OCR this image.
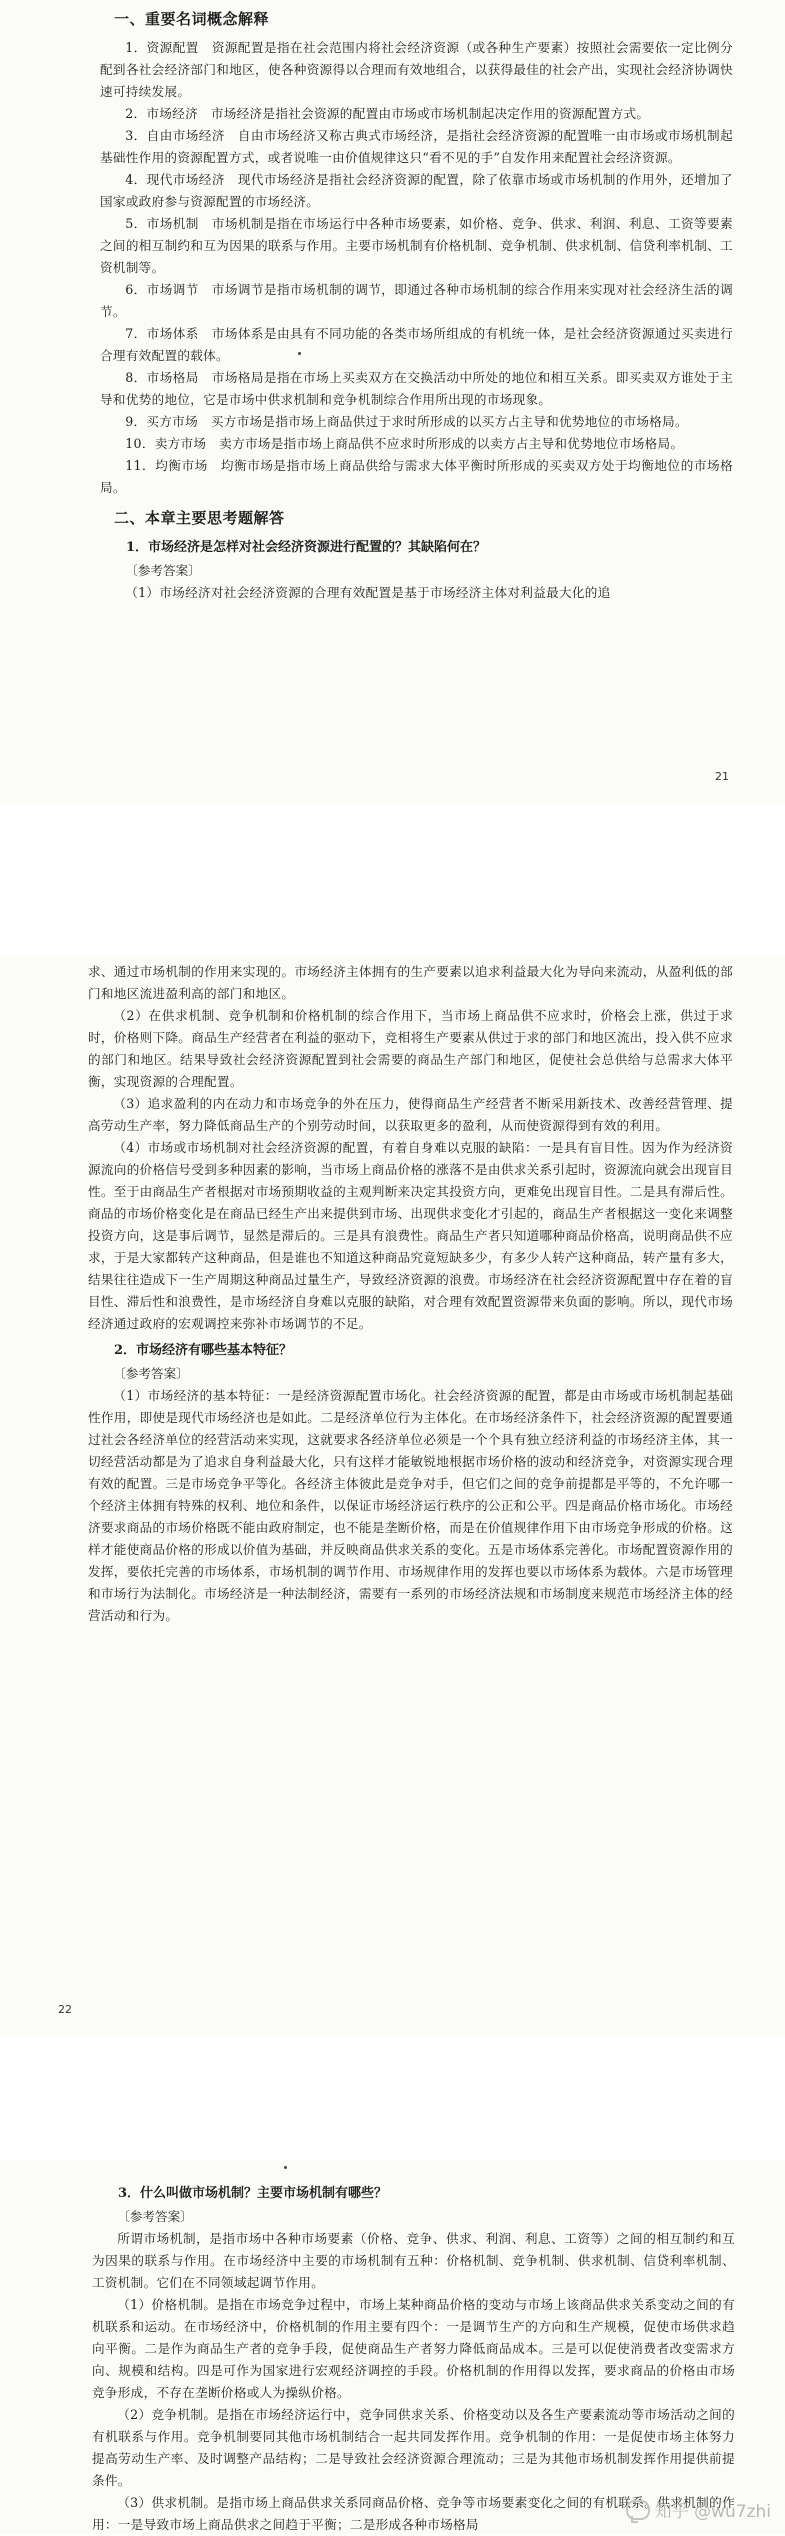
一、重要名词概念解释

1．资源配置　资源配置是指在社会范围内将社会经济资源（或各种生产要素）按照社会需要依一定比例分配到各社会经济部门和地区，使各种资源得以合理而有效地组合，以获得最佳的社会产出，实现社会经济协调快速可持续发展。

2．市场经济　市场经济是指社会资源的配置由市场或市场机制起决定作用的资源配置方式。

3．自由市场经济　自由市场经济又称古典式市场经济，是指社会经济资源的配置唯一由市场或市场机制起基础性作用的资源配置方式，或者说唯一由价值规律这只“看不见的手”自发作用来配置社会经济资源。

4．现代市场经济　现代市场经济是指社会经济资源的配置，除了依靠市场或市场机制的作用外，还增加了国家或政府参与资源配置的市场经济。

5．市场机制　市场机制是指在市场运行中各种市场要素，如价格、竞争、供求、利润、利息、工资等要素之间的相互制约和互为因果的联系与作用。主要市场机制有价格机制、竞争机制、供求机制、信贷利率机制、工资机制等。

6．市场调节　市场调节是指市场机制的调节，即通过各种市场机制的综合作用来实现对社会经济生活的调节。

7．市场体系　市场体系是由具有不同功能的各类市场所组成的有机统一体，是社会经济资源通过买卖进行合理有效配置的载体。

8．市场格局　市场格局是指在市场上买卖双方在交换活动中所处的地位和相互关系。即买卖双方谁处于主导和优势的地位，它是市场中供求机制和竞争机制综合作用所出现的市场现象。

9．买方市场　买方市场是指市场上商品供过于求时所形成的以买方占主导和优势地位的市场格局。

10．卖方市场　卖方市场是指市场上商品供不应求时所形成的以卖方占主导和优势地位市场格局。

11．均衡市场　均衡市场是指市场上商品供给与需求大体平衡时所形成的买卖双方处于均衡地位的市场格局。

二、本章主要思考题解答
1．市场经济是怎样对社会经济资源进行配置的？其缺陷何在？
〔参考答案〕

（1）市场经济对社会经济资源的合理有效配置是基于市场经济主体对利益最大化的追

21

求、通过市场机制的作用来实现的。市场经济主体拥有的生产要素以追求利益最大化为导向来流动，从盈利低的部门和地区流进盈利高的部门和地区。

（2）在供求机制、竞争机制和价格机制的综合作用下，当市场上商品供不应求时，价格会上涨，供过于求时，价格则下降。商品生产经营者在利益的驱动下，竞相将生产要素从供过于求的部门和地区流出，投入供不应求的部门和地区。结果导致社会经济资源配置到社会需要的商品生产部门和地区，促使社会总供给与总需求大体平衡，实现资源的合理配置。

（3）追求盈利的内在动力和市场竞争的外在压力，使得商品生产经营者不断采用新技术、改善经营管理、提高劳动生产率，努力降低商品生产的个别劳动时间，以获取更多的盈利，从而使资源得到有效的利用。

（4）市场或市场机制对社会经济资源的配置，有着自身难以克服的缺陷：一是具有盲目性。因为作为经济资源流向的价格信号受到多种因素的影响，当市场上商品价格的涨落不是由供求关系引起时，资源流向就会出现盲目性。至于由商品生产者根据对市场预期收益的主观判断来决定其投资方向，更难免出现盲目性。二是具有滞后性。商品的市场价格变化是在商品已经生产出来提供到市场、出现供求变化才引起的，商品生产者根据这一变化来调整投资方向，这是事后调节，显然是滞后的。三是具有浪费性。商品生产者只知道哪种商品价格高，说明商品供不应求，于是大家都转产这种商品，但是谁也不知道这种商品究竟短缺多少，有多少人转产这种商品，转产量有多大，结果往往造成下一生产周期这种商品过量生产，导致经济资源的浪费。市场经济在社会经济资源配置中存在着的盲目性、滞后性和浪费性，是市场经济自身难以克服的缺陷，对合理有效配置资源带来负面的影响。所以，现代市场经济通过政府的宏观调控来弥补市场调节的不足。

2．市场经济有哪些基本特征？
〔参考答案〕

（1）市场经济的基本特征：一是经济资源配置市场化。社会经济资源的配置，都是由市场或市场机制起基础性作用，即使是现代市场经济也是如此。二是经济单位行为主体化。在市场经济条件下，社会经济资源的配置要通过社会各经济单位的经营活动来实现，这就要求各经济单位必须是一个个具有独立经济利益的市场经济主体，其一切经营活动都是为了追求自身利益最大化，只有这样才能敏锐地根据市场价格的波动和经济竞争，对资源实现合理有效的配置。三是市场竞争平等化。各经济主体彼此是竞争对手，但它们之间的竞争前提都是平等的，不允许哪一个经济主体拥有特殊的权利、地位和条件，以保证市场经济运行秩序的公正和公平。四是商品价格市场化。市场经济要求商品的市场价格既不能由政府制定，也不能是垄断价格，而是在价值规律作用下由市场竞争形成的价格。这样才能使商品价格的形成以价值为基础，并反映商品供求关系的变化。五是市场体系完善化。市场配置资源作用的发挥，要依托完善的市场体系，市场机制的调节作用、市场规律作用的发挥也要以市场体系为载体。六是市场管理和市场行为法制化。市场经济是一种法制经济，需要有一系列的市场经济法规和市场制度来规范市场经济主体的经营活动和行为。

22
3．什么叫做市场机制？主要市场机制有哪些？
〔参考答案〕

所谓市场机制，是指市场中各种市场要素（价格、竞争、供求、利润、利息、工资等）之间的相互制约和互为因果的联系与作用。在市场经济中主要的市场机制有五种：价格机制、竞争机制、供求机制、信贷利率机制、工资机制。它们在不同领域起调节作用。

（1）价格机制。是指在市场竞争过程中，市场上某种商品价格的变动与市场上该商品供求关系变动之间的有机联系和运动。在市场经济中，价格机制的作用主要有四个：一是调节生产的方向和生产规模，促使市场供求趋向平衡。二是作为商品生产者的竞争手段，促使商品生产者努力降低商品成本。三是可以促使消费者改变需求方向、规模和结构。四是可作为国家进行宏观经济调控的手段。价格机制的作用得以发挥，要求商品的价格由市场竞争形成，不存在垄断价格或人为操纵价格。

（2）竞争机制。是指在市场经济运行中，竞争同供求关系、价格变动以及各生产要素流动等市场活动之间的有机联系与作用。竞争机制要同其他市场机制结合一起共同发挥作用。竞争机制的作用：一是促使市场主体努力提高劳动生产率、及时调整产品结构；二是导致社会经济资源合理流动；三是为其他市场机制发挥作用提供前提条件。

（3）供求机制。是指市场上商品供求关系同商品价格、竞争等市场要素变化之间的有机联系。供求机制的作用：一是导致市场上商品供求之间趋于平衡；二是形成各种市场格局

知乎 @wu7zhi
